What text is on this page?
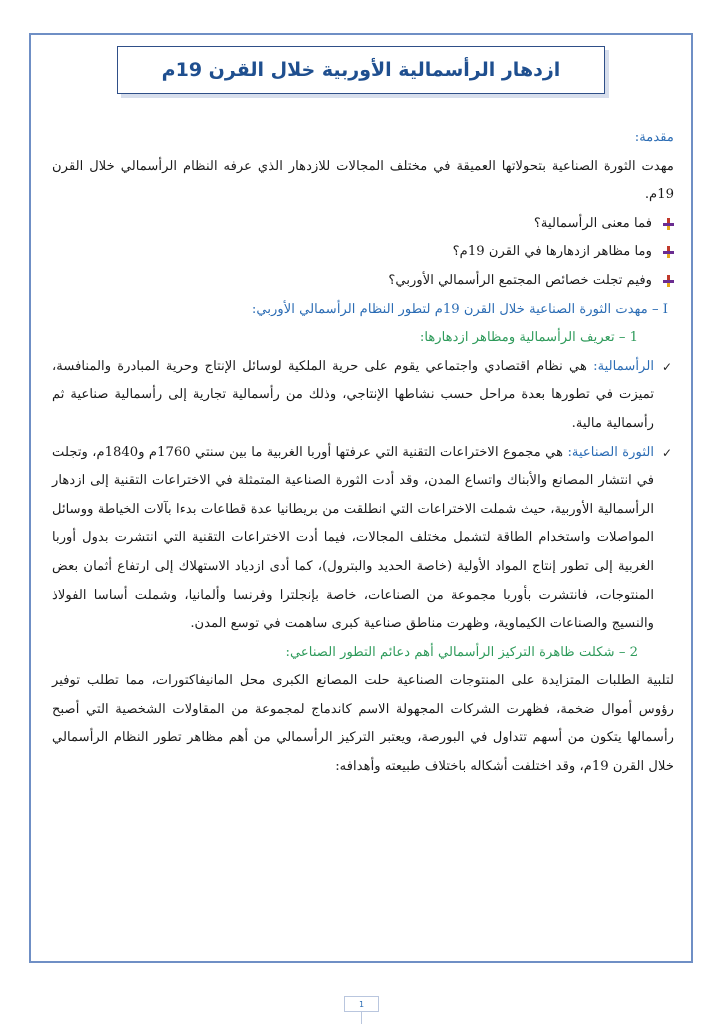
ازدهار الرأسمالية الأوربية خلال القرن 19م

مقدمة:

مهدت الثورة الصناعية بتحولاتها العميقة في مختلف المجالات للازدهار الذي عرفه النظام الرأسمالي خلال القرن 19م.

فما معنى الرأسمالية؟

وما مظاهر ازدهارها في القرن 19م؟

وفيم تجلت خصائص المجتمع الرأسمالي الأوربي؟

I – مهدت الثورة الصناعية خلال القرن 19م لتطور النظام الرأسمالي الأوربي:

1 – تعريف الرأسمالية ومظاهر ازدهارها:

✓
الرأسمالية: هي نظام اقتصادي واجتماعي يقوم على حرية الملكية لوسائل الإنتاج وحرية المبادرة والمنافسة، تميزت في تطورها بعدة مراحل حسب نشاطها الإنتاجي، وذلك من رأسمالية تجارية إلى رأسمالية صناعية ثم رأسمالية مالية.

✓
الثورة الصناعية: هي مجموع الاختراعات التقنية التي عرفتها أوربا الغربية ما بين سنتي 1760م و1840م، وتجلت في انتشار المصانع والأبناك واتساع المدن، وقد أدت الثورة الصناعية المتمثلة في الاختراعات التقنية إلى ازدهار الرأسمالية الأوربية، حيث شملت الاختراعات التي انطلقت من بريطانيا عدة قطاعات بدءا بآلات الخياطة ووسائل المواصلات واستخدام الطاقة لتشمل مختلف المجالات، فيما أدت الاختراعات التقنية التي انتشرت بدول أوربا الغربية إلى تطور إنتاج المواد الأولية (خاصة الحديد والبترول)، كما أدى ازدياد الاستهلاك إلى ارتفاع أثمان بعض المنتوجات، فانتشرت بأوربا مجموعة من الصناعات، خاصة بإنجلترا وفرنسا وألمانيا، وشملت أساسا الفولاذ والنسيج والصناعات الكيماوية، وظهرت مناطق صناعية كبرى ساهمت في توسع المدن.

2 – شكلت ظاهرة التركيز الرأسمالي أهم دعائم التطور الصناعي:

لتلبية الطلبات المتزايدة على المنتوجات الصناعية حلت المصانع الكبرى محل المانيفاكتورات، مما تطلب توفير رؤوس أموال ضخمة، فظهرت الشركات المجهولة الاسم كاندماج لمجموعة من المقاولات الشخصية التي أصبح رأسمالها يتكون من أسهم تتداول في البورصة، ويعتبر التركيز الرأسمالي من أهم مظاهر تطور النظام الرأسمالي خلال القرن 19م، وقد اختلفت أشكاله باختلاف طبيعته وأهدافه:

1
